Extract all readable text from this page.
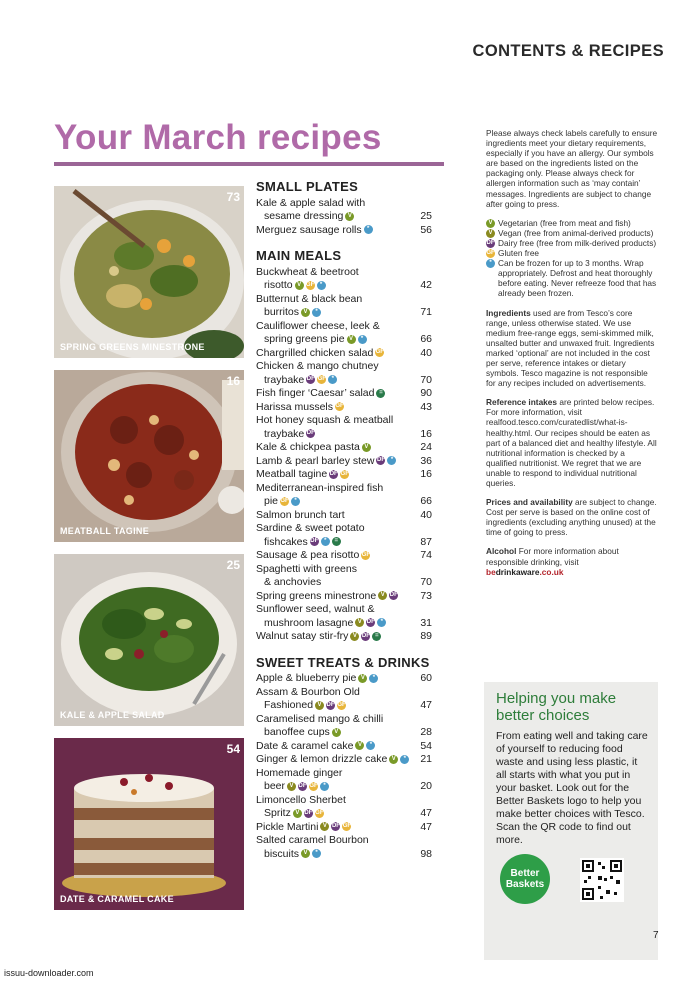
CONTENTS & RECIPES
Your March recipes
SPRING GREENS MINESTRONE
73
MEATBALL TAGINE
16
KALE & APPLE SALAD
25
DATE & CARAMEL CAKE
54
SMALL PLATES
Kale & apple salad with
sesame dressing V	25
Merguez sausage rolls *	56
MAIN MEALS
Buckwheat & beetroot
risotto V GF *	42
Butternut & black bean
burritos V *	71
Cauliflower cheese, leek &
spring greens pie V *	66
Chargrilled chicken salad GF	40
Chicken & mango chutney
traybake DF GF *	70
Fish finger ‘Caesar’ salad =	90
Harissa mussels GF	43
Hot honey squash & meatball
traybake DF	16
Kale & chickpea pasta V	24
Lamb & pearl barley stew DF *	36
Meatball tagine DF GF	16
Mediterranean-inspired fish
pie GF *	66
Salmon brunch tart	40
Sardine & sweet potato
fishcakes DF * =	87
Sausage & pea risotto GF	74
Spaghetti with greens
& anchovies	70
Spring greens minestrone V DF	73
Sunflower seed, walnut &
mushroom lasagne V DF *	31
Walnut satay stir-fry V DF =	89
SWEET TREATS & DRINKS
Apple & blueberry pie V *	60
Assam & Bourbon Old
Fashioned V DF GF	47
Caramelised mango & chilli
banoffee cups V	28
Date & caramel cake V *	54
Ginger & lemon drizzle cake V *	21
Homemade ginger
beer V DF GF *	20
Limoncello Sherbet
Spritz V DF GF	47
Pickle Martini V DF GF	47
Salted caramel Bourbon
biscuits V *	98

Please always check labels carefully to ensure ingredients meet your dietary requirements, especially if you have an allergy. Our symbols are based on the ingredients listed on the packaging only. Please always check for allergen information such as ‘may contain’ messages. Ingredients are subject to change after going to press.

V Vegetarian (free from meat and fish)
V Vegan (free from animal-derived products)
DF Dairy free (free from milk-derived products)
GF Gluten free
* Can be frozen for up to 3 months. Wrap appropriately. Defrost and heat thoroughly before eating. Never refreeze food that has already been frozen.

Ingredients used are from Tesco’s core range, unless otherwise stated. We use medium free-range eggs, semi-skimmed milk, unsalted butter and unwaxed fruit. Ingredients marked ‘optional’ are not included in the cost per serve, reference intakes or dietary symbols. Tesco magazine is not responsible for any recipes included on advertisements.

Reference intakes are printed below recipes. For more information, visit realfood.tesco.com/curatedlist/what-is-healthy.html. Our recipes should be eaten as part of a balanced diet and healthy lifestyle. All nutritional information is checked by a qualified nutritionist. We regret that we are unable to respond to individual nutritional queries.

Prices and availability are subject to change. Cost per serve is based on the online cost of ingredients (excluding anything unused) at the time of going to press.

Alcohol For more information about responsible drinking, visit

bedrinkaware.co.uk
Helping you make better choices
From eating well and taking care of yourself to reducing food waste and using less plastic, it all starts with what you put in your basket. Look out for the Better Baskets logo to help you make better choices with Tesco. Scan the QR code to find out more.
Better
Baskets
7
issuu-downloader.com
